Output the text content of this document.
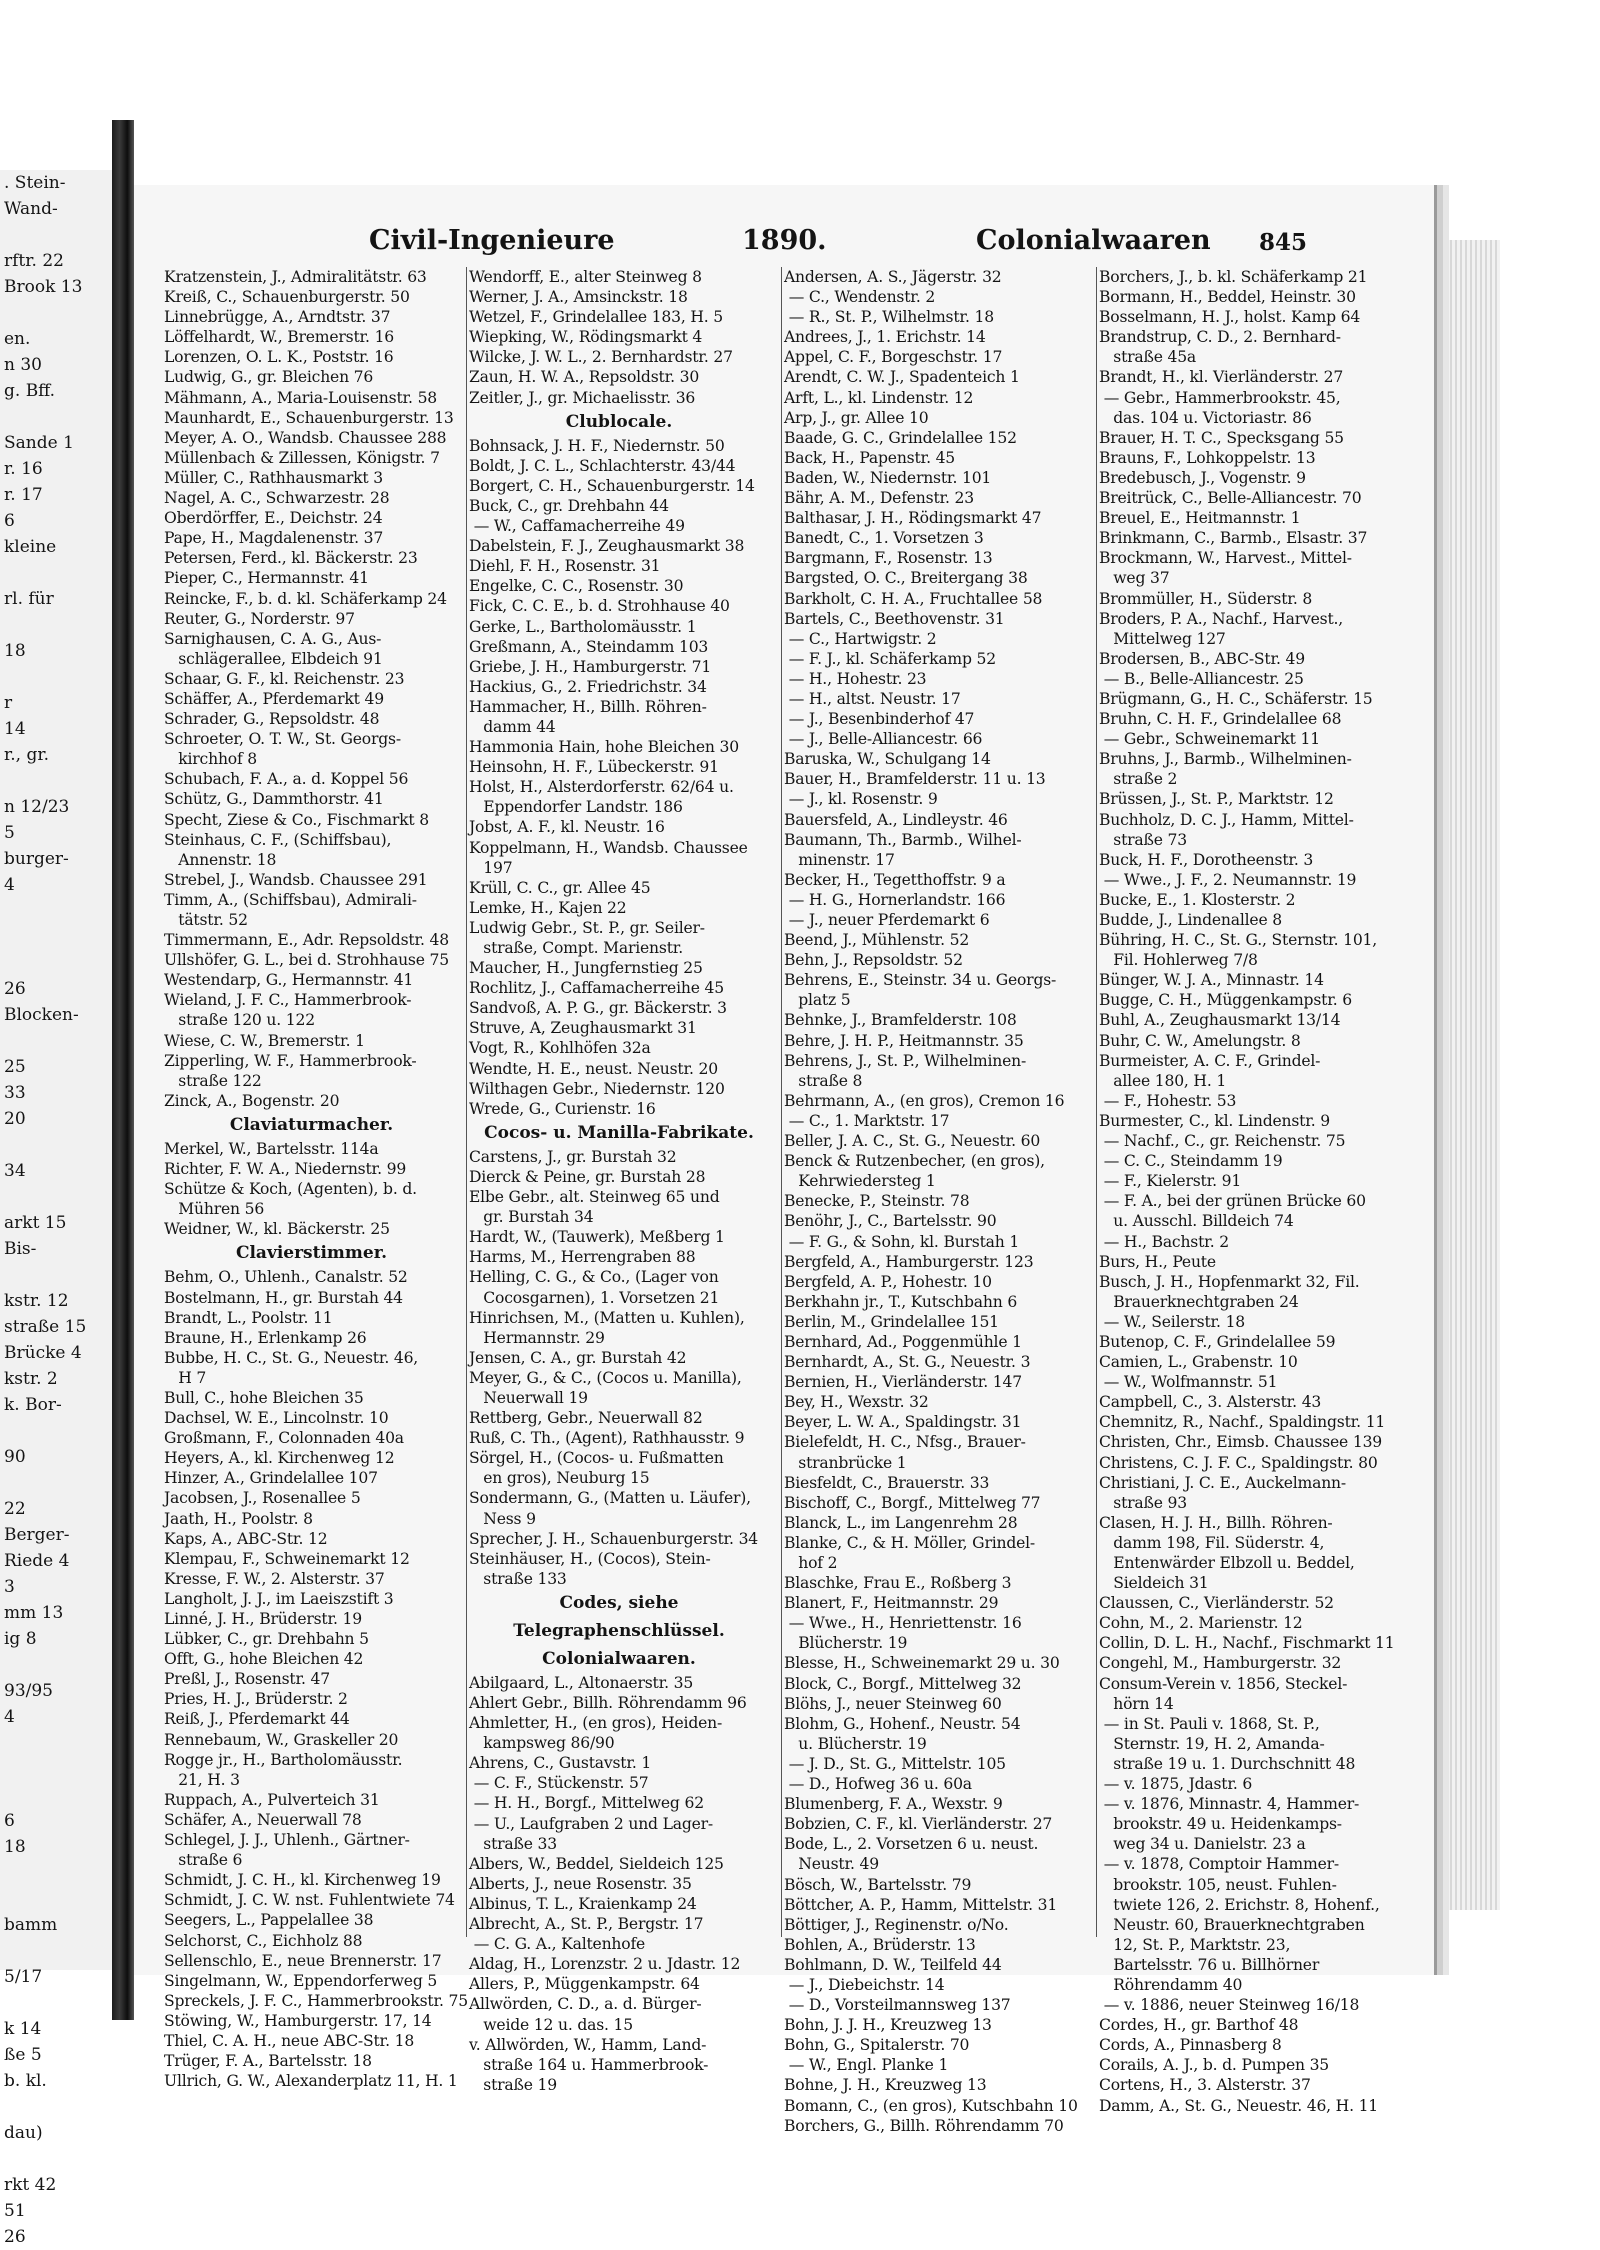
. Stein-
Wand-

rftr. 22
Brook 13

en.
n 30
g. Bff.

Sande 1
r. 16
r. 17
6
kleine

rl. für

18

r
14
r., gr.

n 12/23
5
burger-
4

26
Blocken-

25
33
20

34

arkt 15
Bis-

kstr. 12
straße 15
Brücke 4
kstr. 2
k. Bor-

90

22
Berger-
Riede 4
3
mm 13
ig 8

93/95
4

6
18

bamm

5/17

k 14
ße 5
b. kl.

dau)

rkt 42
51
26
Civil-Ingenieure	1890.	Colonialwaaren 845
Kratzenstein, J., Admiralitätstr. 63
Kreiß, C., Schauenburgerstr. 50
Linnebrügge, A., Arndtstr. 37
Löffelhardt, W., Bremerstr. 16
Lorenzen, O. L. K., Poststr. 16
Ludwig, G., gr. Bleichen 76
Mähmann, A., Maria-Louisenstr. 58
Maunhardt, E., Schauenburgerstr. 13
Meyer, A. O., Wandsb. Chaussee 288
Müllenbach & Zillessen, Königstr. 7
Müller, C., Rathhausmarkt 3
Nagel, A. C., Schwarzestr. 28
Oberdörffer, E., Deichstr. 24
Pape, H., Magdalenenstr. 37
Petersen, Ferd., kl. Bäckerstr. 23
Pieper, C., Hermannstr. 41
Reincke, F., b. d. kl. Schäferkamp 24
Reuter, G., Norderstr. 97
Sarnighausen, C. A. G., Aus-
schlägerallee, Elbdeich 91
Schaar, G. F., kl. Reichenstr. 23
Schäffer, A., Pferdemarkt 49
Schrader, G., Repsoldstr. 48
Schroeter, O. T. W., St. Georgs-
kirchhof 8
Schubach, F. A., a. d. Koppel 56
Schütz, G., Dammthorstr. 41
Specht, Ziese & Co., Fischmarkt 8
Steinhaus, C. F., (Schiffsbau),
Annenstr. 18
Strebel, J., Wandsb. Chaussee 291
Timm, A., (Schiffsbau), Admirali-
tätstr. 52
Timmermann, E., Adr. Repsoldstr. 48
Ullshöfer, G. L., bei d. Strohhause 75
Westendarp, G., Hermannstr. 41
Wieland, J. F. C., Hammerbrook-
straße 120 u. 122
Wiese, C. W., Bremerstr. 1
Zipperling, W. F., Hammerbrook-
straße 122
Zinck, A., Bogenstr. 20
Claviaturmacher.
Merkel, W., Bartelsstr. 114a
Richter, F. W. A., Niedernstr. 99
Schütze & Koch, (Agenten), b. d.
Mühren 56
Weidner, W., kl. Bäckerstr. 25
Clavierstimmer.
Behm, O., Uhlenh., Canalstr. 52
Bostelmann, H., gr. Burstah 44
Brandt, L., Poolstr. 11
Braune, H., Erlenkamp 26
Bubbe, H. C., St. G., Neuestr. 46,
H 7
Bull, C., hohe Bleichen 35
Dachsel, W. E., Lincolnstr. 10
Großmann, F., Colonnaden 40a
Heyers, A., kl. Kirchenweg 12
Hinzer, A., Grindelallee 107
Jacobsen, J., Rosenallee 5
Jaath, H., Poolstr. 8
Kaps, A., ABC-Str. 12
Klempau, F., Schweinemarkt 12
Kresse, F. W., 2. Alsterstr. 37
Langholt, J. J., im Laeiszstift 3
Linné, J. H., Brüderstr. 19
Lübker, C., gr. Drehbahn 5
Offt, G., hohe Bleichen 42
Preßl, J., Rosenstr. 47
Pries, H. J., Brüderstr. 2
Reiß, J., Pferdemarkt 44
Rennebaum, W., Graskeller 20
Rogge jr., H., Bartholomäusstr.
21, H. 3
Ruppach, A., Pulverteich 31
Schäfer, A., Neuerwall 78
Schlegel, J. J., Uhlenh., Gärtner-
straße 6
Schmidt, J. C. H., kl. Kirchenweg 19
Schmidt, J. C. W. nst. Fuhlentwiete 74
Seegers, L., Pappelallee 38
Selchorst, C., Eichholz 88
Sellenschlo, E., neue Brennerstr. 17
Singelmann, W., Eppendorferweg 5
Spreckels, J. F. C., Hammerbrookstr. 75
Stöwing, W., Hamburgerstr. 17, 14
Thiel, C. A. H., neue ABC-Str. 18
Trüger, F. A., Bartelsstr. 18
Ullrich, G. W., Alexanderplatz 11, H. 1
Wendorff, E., alter Steinweg 8
Werner, J. A., Amsinckstr. 18
Wetzel, F., Grindelallee 183, H. 5
Wiepking, W., Rödingsmarkt 4
Wilcke, J. W. L., 2. Bernhardstr. 27
Zaun, H. W. A., Repsoldstr. 30
Zeitler, J., gr. Michaelisstr. 36
Clublocale.
Bohnsack, J. H. F., Niedernstr. 50
Boldt, J. C. L., Schlachterstr. 43/44
Borgert, C. H., Schauenburgerstr. 14
Buck, C., gr. Drehbahn 44
— W., Caffamacherreihe 49
Dabelstein, F. J., Zeughausmarkt 38
Diehl, F. H., Rosenstr. 31
Engelke, C. C., Rosenstr. 30
Fick, C. C. E., b. d. Strohhause 40
Gerke, L., Bartholomäusstr. 1
Greßmann, A., Steindamm 103
Griebe, J. H., Hamburgerstr. 71
Hackius, G., 2. Friedrichstr. 34
Hammacher, H., Billh. Röhren-
damm 44
Hammonia Hain, hohe Bleichen 30
Heinsohn, H. F., Lübeckerstr. 91
Holst, H., Alsterdorferstr. 62/64 u.
Eppendorfer Landstr. 186
Jobst, A. F., kl. Neustr. 16
Koppelmann, H., Wandsb. Chaussee
197
Krüll, C. C., gr. Allee 45
Lemke, H., Kajen 22
Ludwig Gebr., St. P., gr. Seiler-
straße, Compt. Marienstr.
Maucher, H., Jungfernstieg 25
Rochlitz, J., Caffamacherreihe 45
Sandvoß, A. P. G., gr. Bäckerstr. 3
Struve, A, Zeughausmarkt 31
Vogt, R., Kohlhöfen 32a
Wendte, H. E., neust. Neustr. 20
Wilthagen Gebr., Niedernstr. 120
Wrede, G., Curienstr. 16
Cocos- u. Manilla-Fabrikate.
Carstens, J., gr. Burstah 32
Dierck & Peine, gr. Burstah 28
Elbe Gebr., alt. Steinweg 65 und
gr. Burstah 34
Hardt, W., (Tauwerk), Meßberg 1
Harms, M., Herrengraben 88
Helling, C. G., & Co., (Lager von
Cocosgarnen), 1. Vorsetzen 21
Hinrichsen, M., (Matten u. Kuhlen),
Hermannstr. 29
Jensen, C. A., gr. Burstah 42
Meyer, G., & C., (Cocos u. Manilla),
Neuerwall 19
Rettberg, Gebr., Neuerwall 82
Ruß, C. Th., (Agent), Rathhausstr. 9
Sörgel, H., (Cocos- u. Fußmatten
en gros), Neuburg 15
Sondermann, G., (Matten u. Läufer),
Ness 9
Sprecher, J. H., Schauenburgerstr. 34
Steinhäuser, H., (Cocos), Stein-
straße 133
Codes, siehe Telegraphenschlüssel.
Colonialwaaren.
Abilgaard, L., Altonaerstr. 35
Ahlert Gebr., Billh. Röhrendamm 96
Ahmletter, H., (en gros), Heiden-
kampsweg 86/90
Ahrens, C., Gustavstr. 1
— C. F., Stückenstr. 57
— H. H., Borgf., Mittelweg 62
— U., Laufgraben 2 und Lager-
straße 33
Albers, W., Beddel, Sieldeich 125
Alberts, J., neue Rosenstr. 35
Albinus, T. L., Kraienkamp 24
Albrecht, A., St. P., Bergstr. 17
— C. G. A., Kaltenhofe
Aldag, H., Lorenzstr. 2 u. Jdastr. 12
Allers, P., Müggenkampstr. 64
Allwörden, C. D., a. d. Bürger-
weide 12 u. das. 15
v. Allwörden, W., Hamm, Land-
straße 164 u. Hammerbrook-
straße 19
Andersen, A. S., Jägerstr. 32
— C., Wendenstr. 2
— R., St. P., Wilhelmstr. 18
Andrees, J., 1. Erichstr. 14
Appel, C. F., Borgeschstr. 17
Arendt, C. W. J., Spadenteich 1
Arft, L., kl. Lindenstr. 12
Arp, J., gr. Allee 10
Baade, G. C., Grindelallee 152
Back, H., Papenstr. 45
Baden, W., Niedernstr. 101
Bähr, A. M., Defenstr. 23
Balthasar, J. H., Rödingsmarkt 47
Banedt, C., 1. Vorsetzen 3
Bargmann, F., Rosenstr. 13
Bargsted, O. C., Breitergang 38
Barkholt, C. H. A., Fruchtallee 58
Bartels, C., Beethovenstr. 31
— C., Hartwigstr. 2
— F. J., kl. Schäferkamp 52
— H., Hohestr. 23
— H., altst. Neustr. 17
— J., Besenbinderhof 47
— J., Belle-Alliancestr. 66
Baruska, W., Schulgang 14
Bauer, H., Bramfelderstr. 11 u. 13
— J., kl. Rosenstr. 9
Bauersfeld, A., Lindleystr. 46
Baumann, Th., Barmb., Wilhel-
minenstr. 17
Becker, H., Tegetthoffstr. 9 a
— H. G., Hornerlandstr. 166
— J., neuer Pferdemarkt 6
Beend, J., Mühlenstr. 52
Behn, J., Repsoldstr. 52
Behrens, E., Steinstr. 34 u. Georgs-
platz 5
Behnke, J., Bramfelderstr. 108
Behre, J. H. P., Heitmannstr. 35
Behrens, J., St. P., Wilhelminen-
straße 8
Behrmann, A., (en gros), Cremon 16
— C., 1. Marktstr. 17
Beller, J. A. C., St. G., Neuestr. 60
Benck & Rutzenbecher, (en gros),
Kehrwiedersteg 1
Benecke, P., Steinstr. 78
Benöhr, J., C., Bartelsstr. 90
— F. G., & Sohn, kl. Burstah 1
Bergfeld, A., Hamburgerstr. 123
Bergfeld, A. P., Hohestr. 10
Berkhahn jr., T., Kutschbahn 6
Berlin, M., Grindelallee 151
Bernhard, Ad., Poggenmühle 1
Bernhardt, A., St. G., Neuestr. 3
Bernien, H., Vierländerstr. 147
Bey, H., Wexstr. 32
Beyer, L. W. A., Spaldingstr. 31
Bielefeldt, H. C., Nfsg., Brauer-
stranbrücke 1
Biesfeldt, C., Brauerstr. 33
Bischoff, C., Borgf., Mittelweg 77
Blanck, L., im Langenrehm 28
Blanke, C., & H. Möller, Grindel-
hof 2
Blaschke, Frau E., Roßberg 3
Blanert, F., Heitmannstr. 29
— Wwe., H., Henriettenstr. 16
Blücherstr. 19
Blesse, H., Schweinemarkt 29 u. 30
Block, C., Borgf., Mittelweg 32
Blöhs, J., neuer Steinweg 60
Blohm, G., Hohenf., Neustr. 54
u. Blücherstr. 19
— J. D., St. G., Mittelstr. 105
— D., Hofweg 36 u. 60a
Blumenberg, F. A., Wexstr. 9
Bobzien, C. F., kl. Vierländerstr. 27
Bode, L., 2. Vorsetzen 6 u. neust.
Neustr. 49
Bösch, W., Bartelsstr. 79
Böttcher, A. P., Hamm, Mittelstr. 31
Böttiger, J., Reginenstr. o/No.
Bohlen, A., Brüderstr. 13
Bohlmann, D. W., Teilfeld 44
— J., Diebeichstr. 14
— D., Vorsteilmannsweg 137
Bohn, J. J. H., Kreuzweg 13
Bohn, G., Spitalerstr. 70
— W., Engl. Planke 1
Bohne, J. H., Kreuzweg 13
Bomann, C., (en gros), Kutschbahn 10
Borchers, G., Billh. Röhrendamm 70
Borchers, J., b. kl. Schäferkamp 21
Bormann, H., Beddel, Heinstr. 30
Bosselmann, H. J., holst. Kamp 64
Brandstrup, C. D., 2. Bernhard-
straße 45a
Brandt, H., kl. Vierländerstr. 27
— Gebr., Hammerbrookstr. 45,
das. 104 u. Victoriastr. 86
Brauer, H. T. C., Specksgang 55
Brauns, F., Lohkoppelstr. 13
Bredebusch, J., Vogenstr. 9
Breitrück, C., Belle-Alliancestr. 70
Breuel, E., Heitmannstr. 1
Brinkmann, C., Barmb., Elsastr. 37
Brockmann, W., Harvest., Mittel-
weg 37
Brommüller, H., Süderstr. 8
Broders, P. A., Nachf., Harvest.,
Mittelweg 127
Brodersen, B., ABC-Str. 49
— B., Belle-Alliancestr. 25
Brügmann, G., H. C., Schäferstr. 15
Bruhn, C. H. F., Grindelallee 68
— Gebr., Schweinemarkt 11
Bruhns, J., Barmb., Wilhelminen-
straße 2
Brüssen, J., St. P., Marktstr. 12
Buchholz, D. C. J., Hamm, Mittel-
straße 73
Buck, H. F., Dorotheenstr. 3
— Wwe., J. F., 2. Neumannstr. 19
Bucke, E., 1. Klosterstr. 2
Budde, J., Lindenallee 8
Bühring, H. C., St. G., Sternstr. 101,
Fil. Hohlerweg 7/8
Bünger, W. J. A., Minnastr. 14
Bugge, C. H., Müggenkampstr. 6
Buhl, A., Zeughausmarkt 13/14
Buhr, C. W., Amelungstr. 8
Burmeister, A. C. F., Grindel-
allee 180, H. 1
— F., Hohestr. 53
Burmester, C., kl. Lindenstr. 9
— Nachf., C., gr. Reichenstr. 75
— C. C., Steindamm 19
— F., Kielerstr. 91
— F. A., bei der grünen Brücke 60
u. Ausschl. Billdeich 74
— H., Bachstr. 2
Burs, H., Peute
Busch, J. H., Hopfenmarkt 32, Fil.
Brauerknechtgraben 24
— W., Seilerstr. 18
Butenop, C. F., Grindelallee 59
Camien, L., Grabenstr. 10
— W., Wolfmannstr. 51
Campbell, C., 3. Alsterstr. 43
Chemnitz, R., Nachf., Spaldingstr. 11
Christen, Chr., Eimsb. Chaussee 139
Christens, C. J. F. C., Spaldingstr. 80
Christiani, J. C. E., Auckelmann-
straße 93
Clasen, H. J. H., Billh. Röhren-
damm 198, Fil. Süderstr. 4,
Entenwärder Elbzoll u. Beddel,
Sieldeich 31
Claussen, C., Vierländerstr. 52
Cohn, M., 2. Marienstr. 12
Collin, D. L. H., Nachf., Fischmarkt 11
Congehl, M., Hamburgerstr. 32
Consum-Verein v. 1856, Steckel-
hörn 14
— in St. Pauli v. 1868, St. P.,
Sternstr. 19, H. 2, Amanda-
straße 19 u. 1. Durchschnitt 48
— v. 1875, Jdastr. 6
— v. 1876, Minnastr. 4, Hammer-
brookstr. 49 u. Heidenkamps-
weg 34 u. Danielstr. 23 a
— v. 1878, Comptoir Hammer-
brookstr. 105, neust. Fuhlen-
twiete 126, 2. Erichstr. 8, Hohenf.,
Neustr. 60, Brauerknechtgraben
12, St. P., Marktstr. 23,
Bartelsstr. 76 u. Billhörner
Röhrendamm 40
— v. 1886, neuer Steinweg 16/18
Cordes, H., gr. Barthof 48
Cords, A., Pinnasberg 8
Corails, A. J., b. d. Pumpen 35
Cortens, H., 3. Alsterstr. 37
Damm, A., St. G., Neuestr. 46, H. 11
